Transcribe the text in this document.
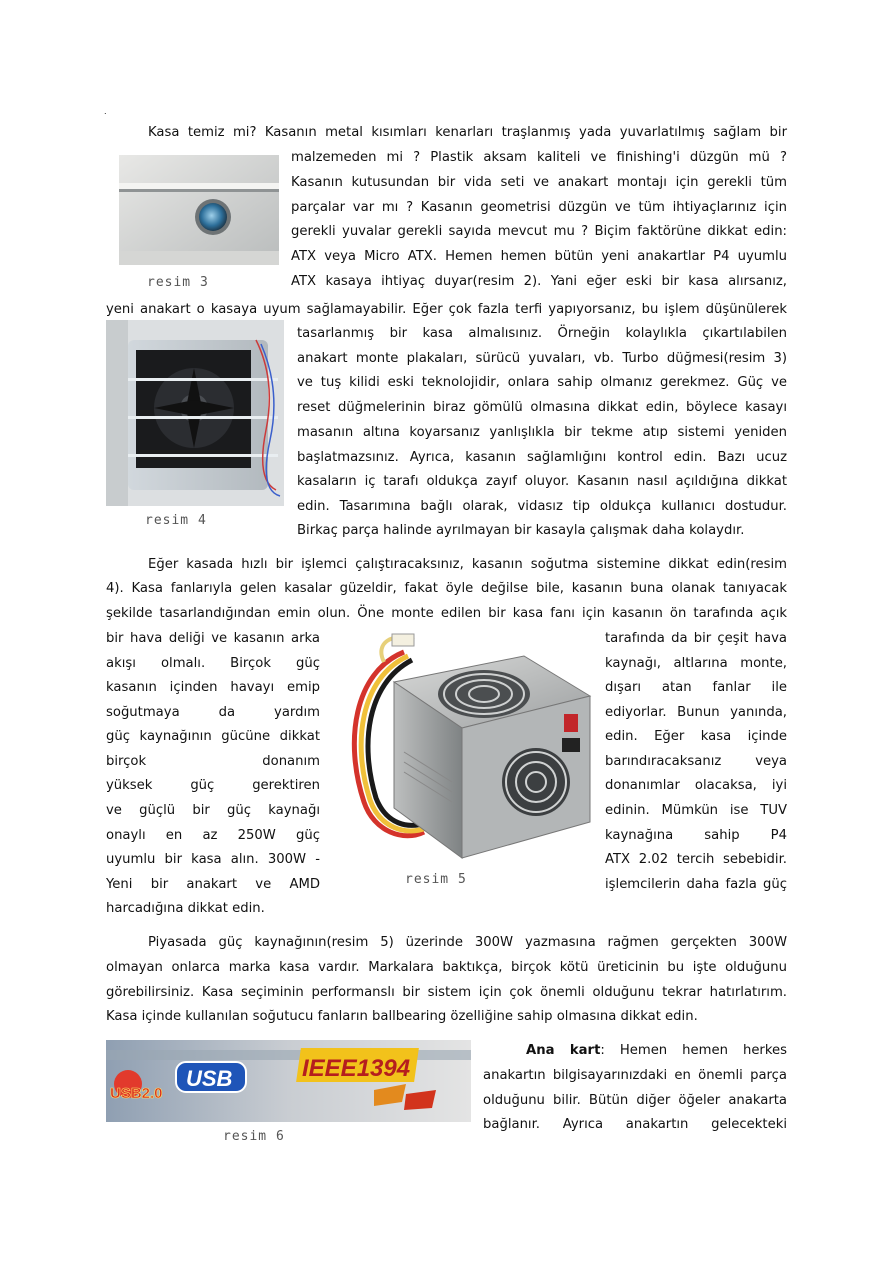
.
Kasa temiz mi? Kasanın metal kısımları kenarları traşlanmış yada yuvarlatılmış sağlam bir
resim 3
malzemeden mi ? Plastik aksam kaliteli ve finishing'i düzgün mü ?
Kasanın kutusundan bir vida seti ve anakart montajı için gerekli tüm
parçalar var mı ? Kasanın geometrisi düzgün ve tüm ihtiyaçlarınız için
gerekli yuvalar gerekli sayıda mevcut mu ? Biçim faktörüne dikkat edin:
ATX veya Micro ATX. Hemen hemen bütün yeni anakartlar P4 uyumlu
ATX kasaya ihtiyaç duyar(resim 2). Yani eğer eski bir kasa alırsanız,
yeni anakart o kasaya uyum sağlamayabilir. Eğer çok fazla terfi yapıyorsanız, bu işlem düşünülerek
resim 4
tasarlanmış bir kasa almalısınız. Örneğin kolaylıkla çıkartılabilen
anakart monte plakaları, sürücü yuvaları, vb. Turbo düğmesi(resim 3)
ve tuş kilidi eski teknolojidir, onlara sahip olmanız gerekmez. Güç ve
reset düğmelerinin biraz gömülü olmasına dikkat edin, böylece kasayı
masanın altına koyarsanız yanlışlıkla bir tekme atıp sistemi yeniden
başlatmazsınız. Ayrıca, kasanın sağlamlığını kontrol edin. Bazı ucuz
kasaların iç tarafı oldukça zayıf oluyor. Kasanın nasıl açıldığına dikkat
edin. Tasarımına bağlı olarak, vidasız tip oldukça kullanıcı dostudur.
Birkaç parça halinde ayrılmayan bir kasayla çalışmak daha kolaydır.
Eğer kasada hızlı bir işlemci çalıştıracaksınız, kasanın soğutma sistemine dikkat edin(resim
4). Kasa fanlarıyla gelen kasalar güzeldir, fakat öyle değilse bile, kasanın buna olanak tanıyacak
şekilde tasarlandığından emin olun. Öne monte edilen bir kasa fanı için kasanın ön tarafında açık
bir hava deliği ve kasanın arka
akışı olmalı. Birçok güç
kasanın içinden havayı emip
soğutmaya da yardım
güç kaynağının gücüne dikkat
birçok donanım
yüksek güç gerektiren
ve güçlü bir güç kaynağı
onaylı en az 250W güç
uyumlu bir kasa alın. 300W -
Yeni bir anakart ve AMD
harcadığına dikkat edin.
resim 5
tarafında da bir çeşit hava
kaynağı, altlarına monte,
dışarı atan fanlar ile
ediyorlar. Bunun yanında,
edin. Eğer kasa içinde
barındıracaksanız veya
donanımlar olacaksa, iyi
edinin. Mümkün ise TUV
kaynağına sahip P4
ATX 2.02 tercih sebebidir.
işlemcilerin daha fazla güç
Piyasada güç kaynağının(resim 5) üzerinde 300W yazmasına rağmen gerçekten 300W
olmayan onlarca marka kasa vardır. Markalara baktıkça, birçok kötü üreticinin bu işte olduğunu
görebilirsiniz. Kasa seçiminin performanslı bir sistem için çok önemli olduğunu tekrar hatırlatırım.
Kasa içinde kullanılan soğutucu fanların ballbearing özelliğine sahip olmasına dikkat edin.
USB2.0
USB	IEEE1394
resim 6
Ana kart: Hemen hemen herkes
anakartın bilgisayarınızdaki en önemli parça
olduğunu bilir. Bütün diğer öğeler anakarta
bağlanır. Ayrıca anakartın gelecekteki
